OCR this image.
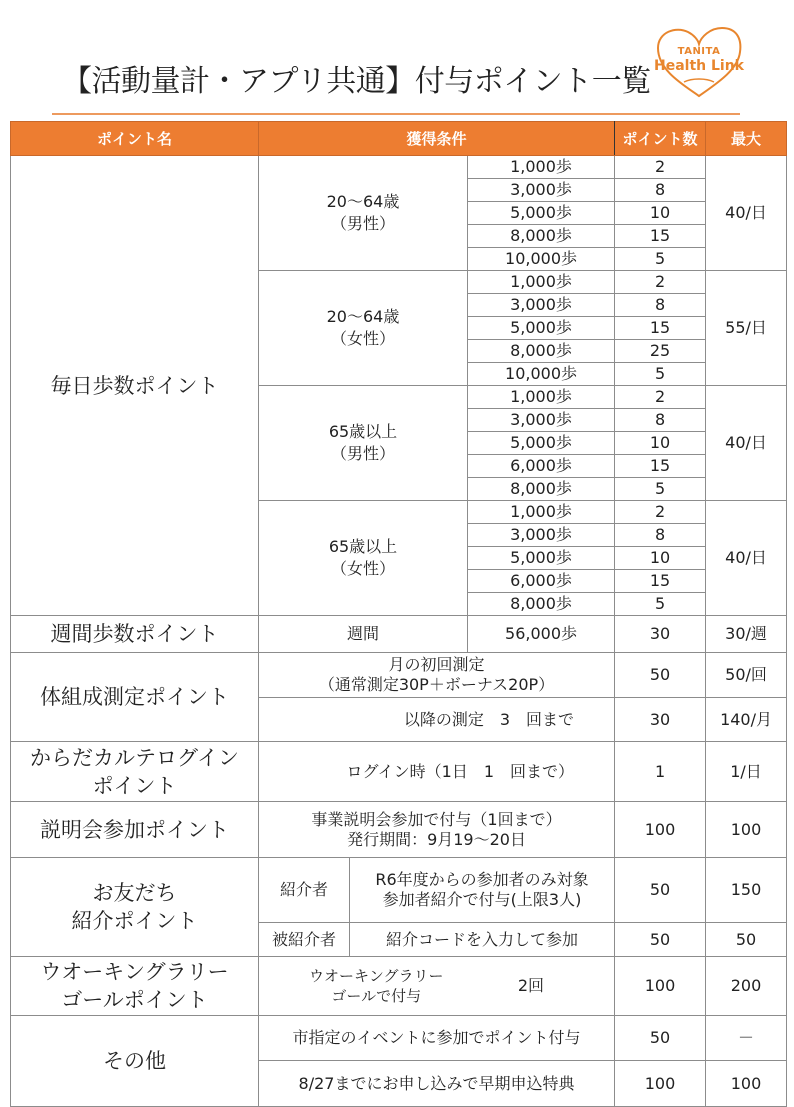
【活動量計・アプリ共通】付与ポイント一覧
TANITA
Health Link
ポイント名	獲得条件			ポイント数	最大
毎日歩数ポイント	20～64歳
（男性）		1,000歩	2	40/日
			3,000歩	8	
			5,000歩	10	
			8,000歩	15	
			10,000歩	5	
	20～64歳
（女性）		1,000歩	2	55/日
			3,000歩	8	
			5,000歩	15	
			8,000歩	25	
			10,000歩	5	
	65歳以上
（男性）		1,000歩	2	40/日
			3,000歩	8	
			5,000歩	10	
			6,000歩	15	
			8,000歩	5	
	65歳以上
（女性）		1,000歩	2	40/日
			3,000歩	8	
			5,000歩	10	
			6,000歩	15	
			8,000歩	5	
週間歩数ポイント	週間		56,000歩	30	30/週
体組成測定ポイント	月の初回測定
（通常測定30P＋ボーナス20P）			50	50/回
	以降の測定　3　回まで			30	140/月
からだカルテログイン
ポイント	ログイン時（1日　1　回まで）			1	1/日
説明会参加ポイント	事業説明会参加で付与（1回まで）
発行期間：9月19～20日			100	100
お友だち
紹介ポイント	紹介者	R6年度からの参加者のみ対象
参加者紹介で付与(上限3人)		50	150
	被紹介者	紹介コードを入力して参加		50	50
ウオーキングラリー
ゴールポイント	ウオーキングラリー
ゴールで付与
2回			100	200
その他	市指定のイベントに参加でポイント付与			50	－
	8/27までにお申し込みで早期申込特典			100	100
